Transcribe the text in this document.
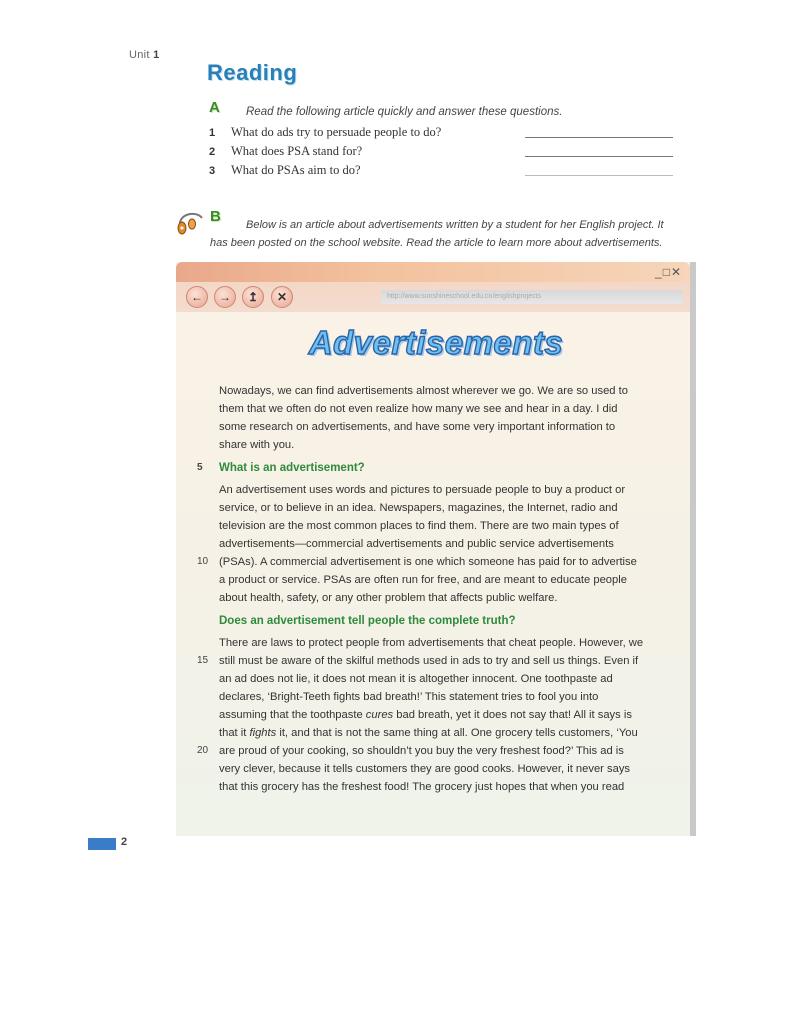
Unit 1
Reading
A Read the following article quickly and answer these questions.
1 What do ads try to persuade people to do?
2 What does PSA stand for?
3 What do PSAs aim to do?
B	Below is an article about advertisements written by a student for her English project. It
has been posted on the school website. Read the article to learn more about advertisements.
_□✕
←	→	↥	✕	http://www.sunshineschool.edu.cn/englishprojects
Advertisements
Nowadays, we can find advertisements almost wherever we go. We are so used to
them that we often do not even realize how many we see and hear in a day. I did
some research on advertisements, and have some very important information to
share with you.
5 What is an advertisement?
An advertisement uses words and pictures to persuade people to buy a product or
service, or to believe in an idea. Newspapers, magazines, the Internet, radio and
television are the most common places to find them. There are two main types of
advertisements—commercial advertisements and public service advertisements
10 (PSAs). A commercial advertisement is one which someone has paid for to advertise
a product or service. PSAs are often run for free, and are meant to educate people
about health, safety, or any other problem that affects public welfare.
Does an advertisement tell people the complete truth?
There are laws to protect people from advertisements that cheat people. However, we
15 still must be aware of the skilful methods used in ads to try and sell us things. Even if
an ad does not lie, it does not mean it is altogether innocent. One toothpaste ad
declares, ‘Bright-Teeth fights bad breath!’ This statement tries to fool you into
assuming that the toothpaste cures bad breath, yet it does not say that! All it says is
that it fights it, and that is not the same thing at all. One grocery tells customers, ‘You
20 are proud of your cooking, so shouldn’t you buy the very freshest food?’ This ad is
very clever, because it tells customers they are good cooks. However, it never says
that this grocery has the freshest food! The grocery just hopes that when you read
2
